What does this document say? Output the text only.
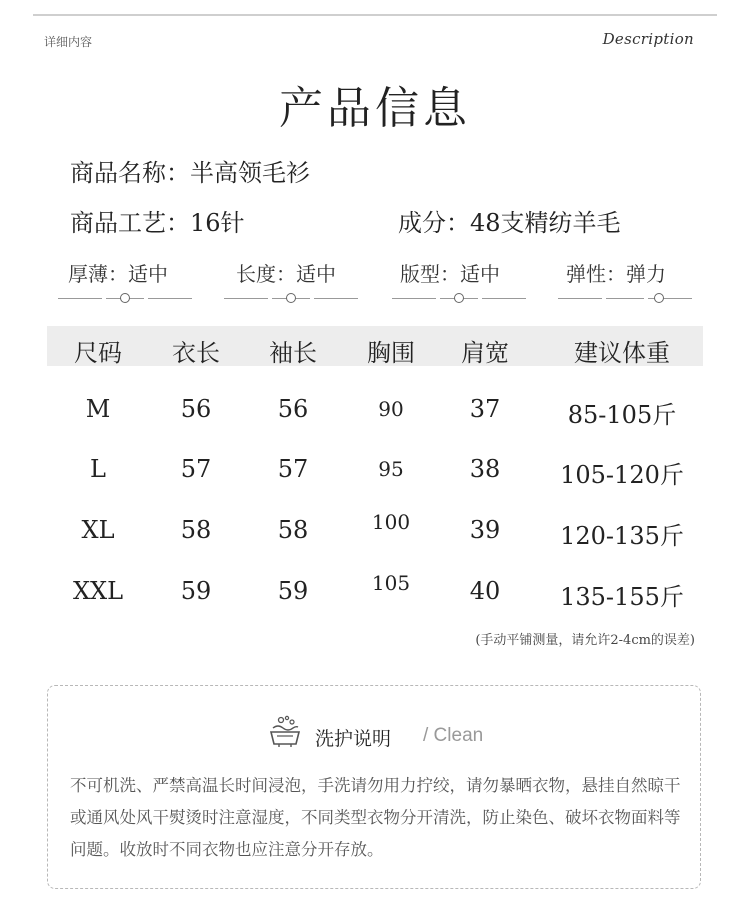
详细内容	Description
产品信息
商品名称：半高领毛衫
商品工艺：16针	成分：48支精纺羊毛
厚薄：适中	长度：适中	版型：适中	弹性：弹力
尺码	衣长	袖长	胸围	肩宽	建议体重
M	56	56	90	37	85-105斤
L	57	57	95	38	105-120斤
XL	58	58	100	39	120-135斤
XXL	59	59	105	40	135-155斤
(手动平铺测量，请允许2-4cm的误差)
洗护说明 / Clean
不可机洗、严禁高温长时间浸泡，手洗请勿用力拧绞，请勿暴晒衣物，悬挂自然晾干或通风处风干熨烫时注意湿度，不同类型衣物分开清洗，防止染色、破坏衣物面料等问题。收放时不同衣物也应注意分开存放。
